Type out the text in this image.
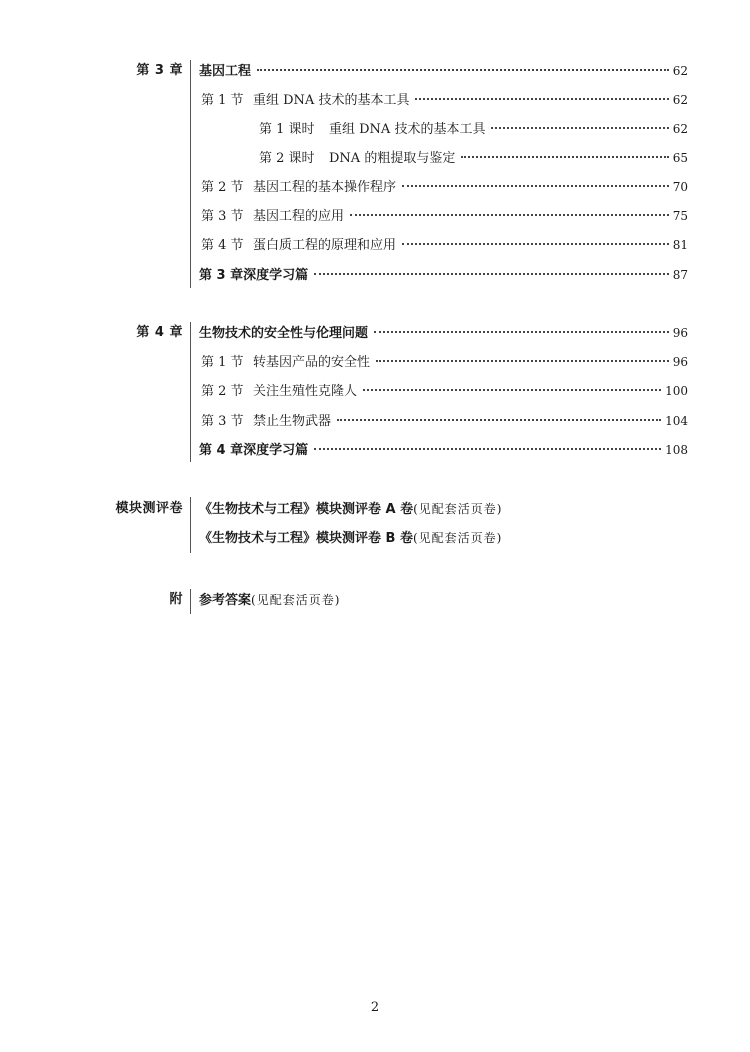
第 3 章 基因工程	62
第 1 节 重组 DNA 技术的基本工具	62
第 1 课时	重组 DNA 技术的基本工具	62
第 2 课时	DNA 的粗提取与鉴定	65
第 2 节 基因工程的基本操作程序	70
第 3 节 基因工程的应用	75
第 4 节 蛋白质工程的原理和应用	81
第 3 章深度学习篇	87
第 4 章 生物技术的安全性与伦理问题	96
第 1 节 转基因产品的安全性	96
第 2 节 关注生殖性克隆人	100
第 3 节 禁止生物武器	104
第 4 章深度学习篇	108
模块测评卷 《生物技术与工程》模块测评卷 A 卷 (见配套活页卷)
《生物技术与工程》模块测评卷 B 卷 (见配套活页卷)
附 参考答案 (见配套活页卷)
2
